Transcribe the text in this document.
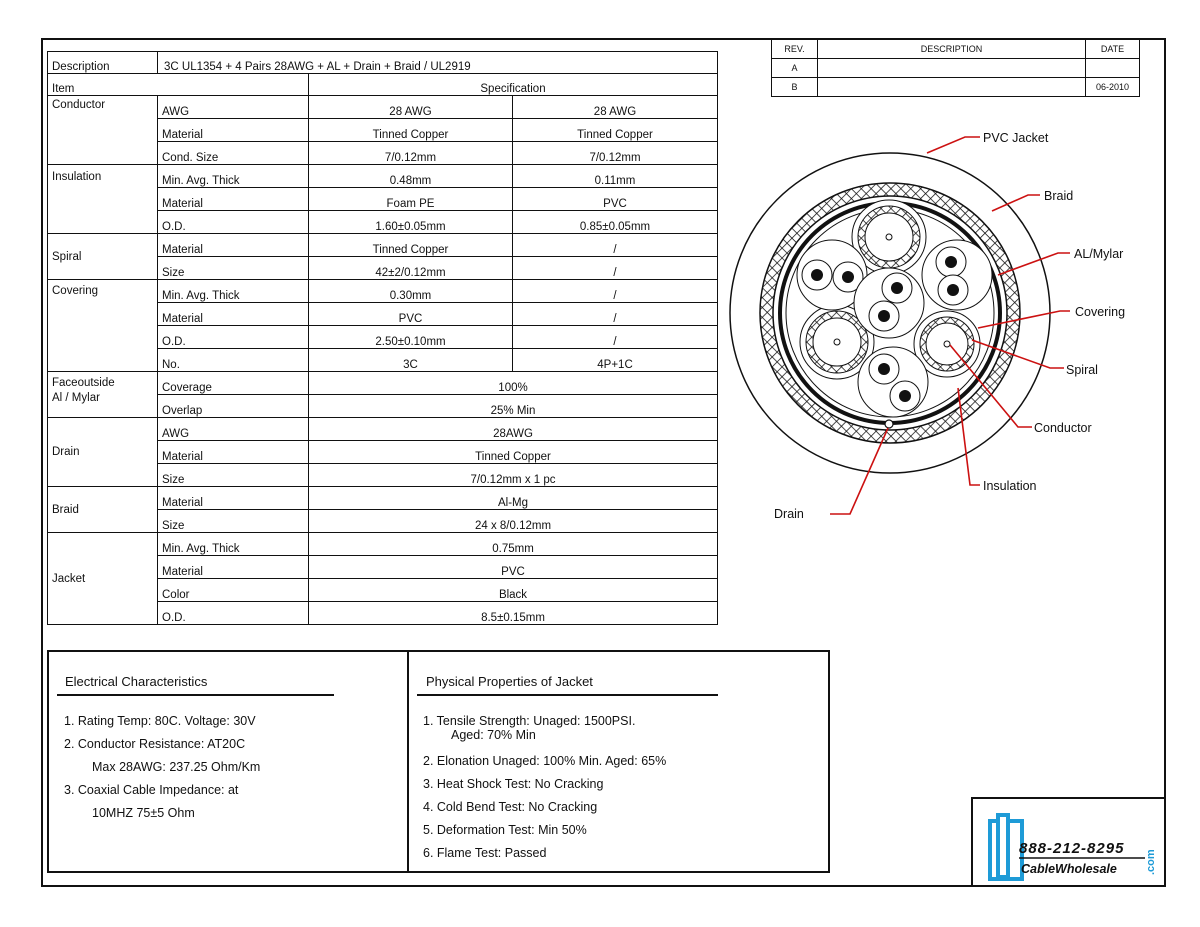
Description	3C UL1354 + 4 Pairs 28AWG + AL + Drain + Braid / UL2919		
Item		Specification	
Conductor	AWG	28 AWG	28 AWG
	Material	Tinned Copper	Tinned Copper
	Cond. Size	7/0.12mm	7/0.12mm
Insulation	Min. Avg. Thick	0.48mm	0.11mm
	Material	Foam PE	PVC
	O.D.	1.60±0.05mm	0.85±0.05mm
Spiral	Material	Tinned Copper	/
	Size	42±2/0.12mm	/
Covering	Min. Avg. Thick	0.30mm	/
	Material	PVC	/
	O.D.	2.50±0.10mm	/
	No.	3C	4P+1C
Faceoutside
Al / Mylar	Coverage	100%	
	Overlap	25% Min	
Drain	AWG	28AWG	
	Material	Tinned Copper	
	Size	7/0.12mm x 1 pc	
Braid	Material	Al-Mg	
	Size	24 x 8/0.12mm	
Jacket	Min. Avg. Thick	0.75mm	
	Material	PVC	
	Color	Black	
	O.D.	8.5±0.15mm	
REV.	DESCRIPTION	DATE
A		
B		06-2010
PVC Jacket
Braid
AL/Mylar
Covering
Spiral
Conductor
Insulation
Drain
Electrical Characteristics
1. Rating Temp: 80C. Voltage: 30V
2. Conductor Resistance: AT20C
Max 28AWG: 237.25 Ohm/Km
3. Coaxial Cable Impedance: at
10MHZ 75±5 Ohm
Physical Properties of Jacket
1. Tensile Strength: Unaged: 1500PSI.
Aged: 70% Min
2. Elonation Unaged: 100% Min. Aged: 65%
3. Heat Shock Test: No Cracking
4. Cold Bend Test: No Cracking
5. Deformation Test: Min 50%
6. Flame Test: Passed	888-212-8295
CableWholesale	.com
